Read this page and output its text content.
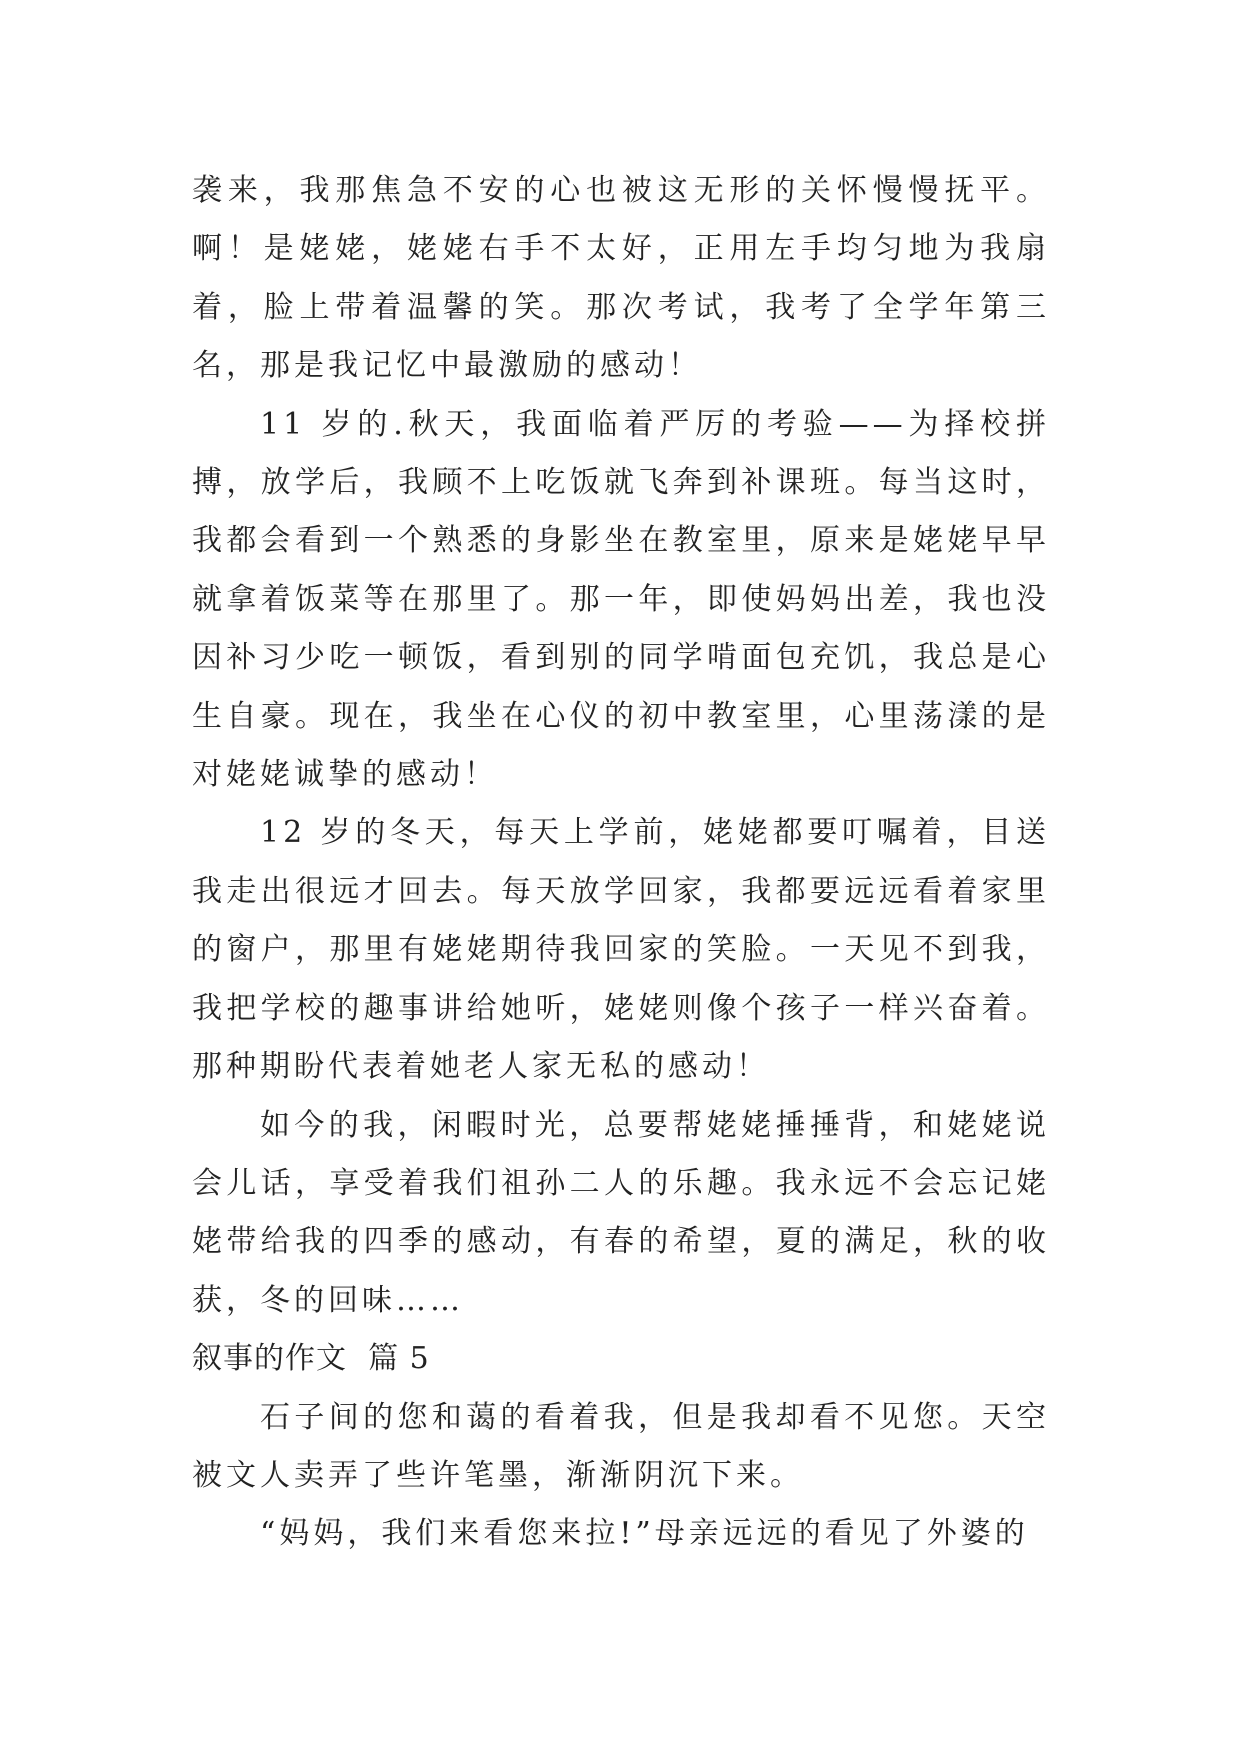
袭来，我那焦急不安的心也被这无形的关怀慢慢抚平。啊！是姥姥，姥姥右手不太好，正用左手均匀地为我扇着，脸上带着温馨的笑。那次考试，我考了全学年第三名，那是我记忆中最激励的感动！

11 岁的.秋天，我面临着严厉的考验——为择校拼搏，放学后，我顾不上吃饭就飞奔到补课班。每当这时，我都会看到一个熟悉的身影坐在教室里，原来是姥姥早早就拿着饭菜等在那里了。那一年，即使妈妈出差，我也没因补习少吃一顿饭，看到别的同学啃面包充饥，我总是心生自豪。现在，我坐在心仪的初中教室里，心里荡漾的是对姥姥诚挚的感动！

12 岁的冬天，每天上学前，姥姥都要叮嘱着，目送我走出很远才回去。每天放学回家，我都要远远看着家里的窗户，那里有姥姥期待我回家的笑脸。一天见不到我，我把学校的趣事讲给她听，姥姥则像个孩子一样兴奋着。那种期盼代表着她老人家无私的感动！

如今的我，闲暇时光，总要帮姥姥捶捶背，和姥姥说会儿话，享受着我们祖孙二人的乐趣。我永远不会忘记姥姥带给我的四季的感动，有春的希望，夏的满足，秋的收获，冬的回味……

叙事的作文  篇 5

石子间的您和蔼的看着我，但是我却看不见您。天空被文人卖弄了些许笔墨，渐渐阴沉下来。

“妈妈，我们来看您来拉!”母亲远远的看见了外婆的
